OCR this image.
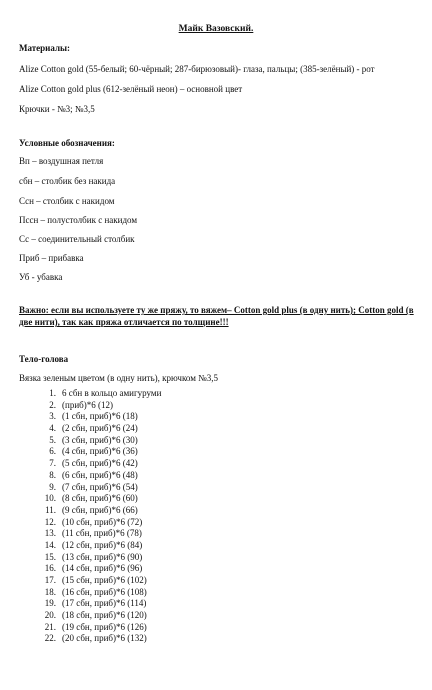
Майк Вазовский.
Материалы:
Alize Cotton gold (55-белый; 60-чёрный; 287-бирюзовый)- глаза, пальцы; (385-зелёный) - рот
Alize Cotton gold plus (612-зелёный неон) – основной цвет
Крючки - №3; №3,5
Условные обозначения:
Вп – воздушная петля
сбн – столбик без накида
Ссн – столбик с накидом
Пссн – полустолбик с накидом
Сс – соединительный столбик
Приб – прибавка
Уб - убавка
Важно: если вы используете ту же пряжу, то вяжем– Cotton gold plus (в одну нить); Cotton gold (в две нити), так как пряжа отличается по толщине!!!
Тело-голова
Вязка зеленым цветом (в одну нить), крючком №3,5
1. 6 сбн в кольцо амигуруми
2. (приб)*6 (12)
3. (1 сбн, приб)*6 (18)
4. (2 сбн, приб)*6 (24)
5. (3 сбн, приб)*6 (30)
6. (4 сбн, приб)*6 (36)
7. (5 сбн, приб)*6 (42)
8. (6 сбн, приб)*6 (48)
9. (7 сбн, приб)*6 (54)
10. (8 сбн, приб)*6 (60)
11. (9 сбн, приб)*6 (66)
12. (10 сбн, приб)*6 (72)
13. (11 сбн, приб)*6 (78)
14. (12 сбн, приб)*6 (84)
15. (13 сбн, приб)*6 (90)
16. (14 сбн, приб)*6 (96)
17. (15 сбн, приб)*6 (102)
18. (16 сбн, приб)*6 (108)
19. (17 сбн, приб)*6 (114)
20. (18 сбн, приб)*6 (120)
21. (19 сбн, приб)*6 (126)
22. (20 сбн, приб)*6 (132)
